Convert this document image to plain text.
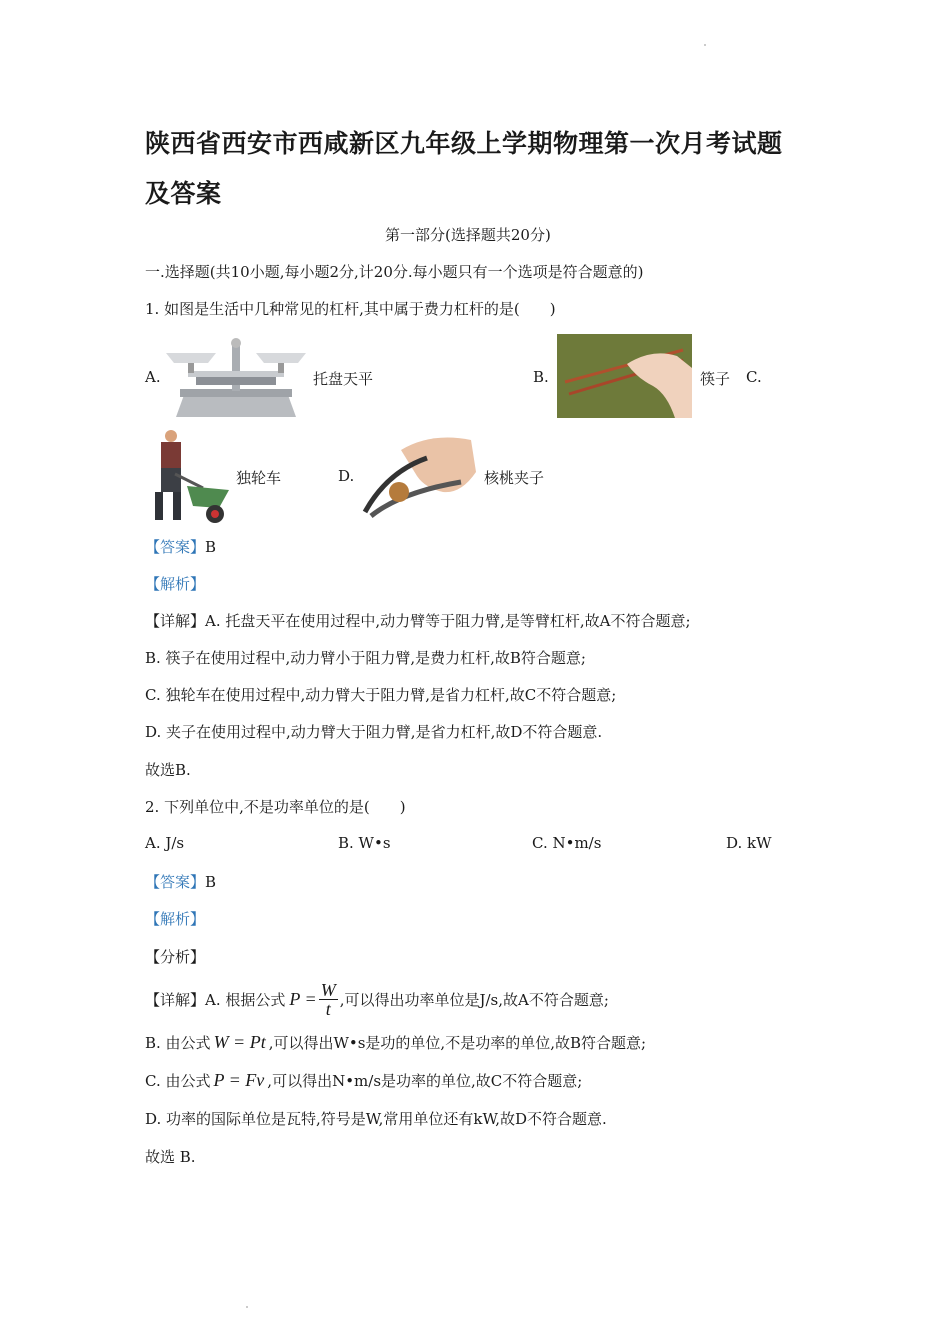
陕西省西安市西咸新区九年级上学期物理第一次月考试题
及答案
第一部分(选择题共20分)
一.选择题(共10小题,每小题2分,计20分.每小题只有一个选项是符合题意的)
1. 如图是生活中几种常见的杠杆,其中属于费力杠杆的是(　　)
A.	托盘天平	B.	筷子 C.
独轮车	D.	核桃夹子
【答案】B
【解析】
【详解】A. 托盘天平在使用过程中,动力臂等于阻力臂,是等臂杠杆,故A不符合题意;
B. 筷子在使用过程中,动力臂小于阻力臂,是费力杠杆,故B符合题意;
C. 独轮车在使用过程中,动力臂大于阻力臂,是省力杠杆,故C不符合题意;
D. 夹子在使用过程中,动力臂大于阻力臂,是省力杠杆,故D不符合题意.
故选B.
2. 下列单位中,不是功率单位的是(　　)
A. J/s	B. W•s	C. N•m/s	D. kW
【答案】B
【解析】
【分析】
【详解】A. 根据公式 $P = \frac{W}{t}$ ,可以得出功率单位是J/s,故A不符合题意;
B. 由公式 W = Pt ,可以得出W•s是功的单位,不是功率的单位,故B符合题意;
C. 由公式 P = Fv ,可以得出N•m/s是功率的单位,故C不符合题意;
D. 功率的国际单位是瓦特,符号是W,常用单位还有kW,故D不符合题意.
故选 B.
